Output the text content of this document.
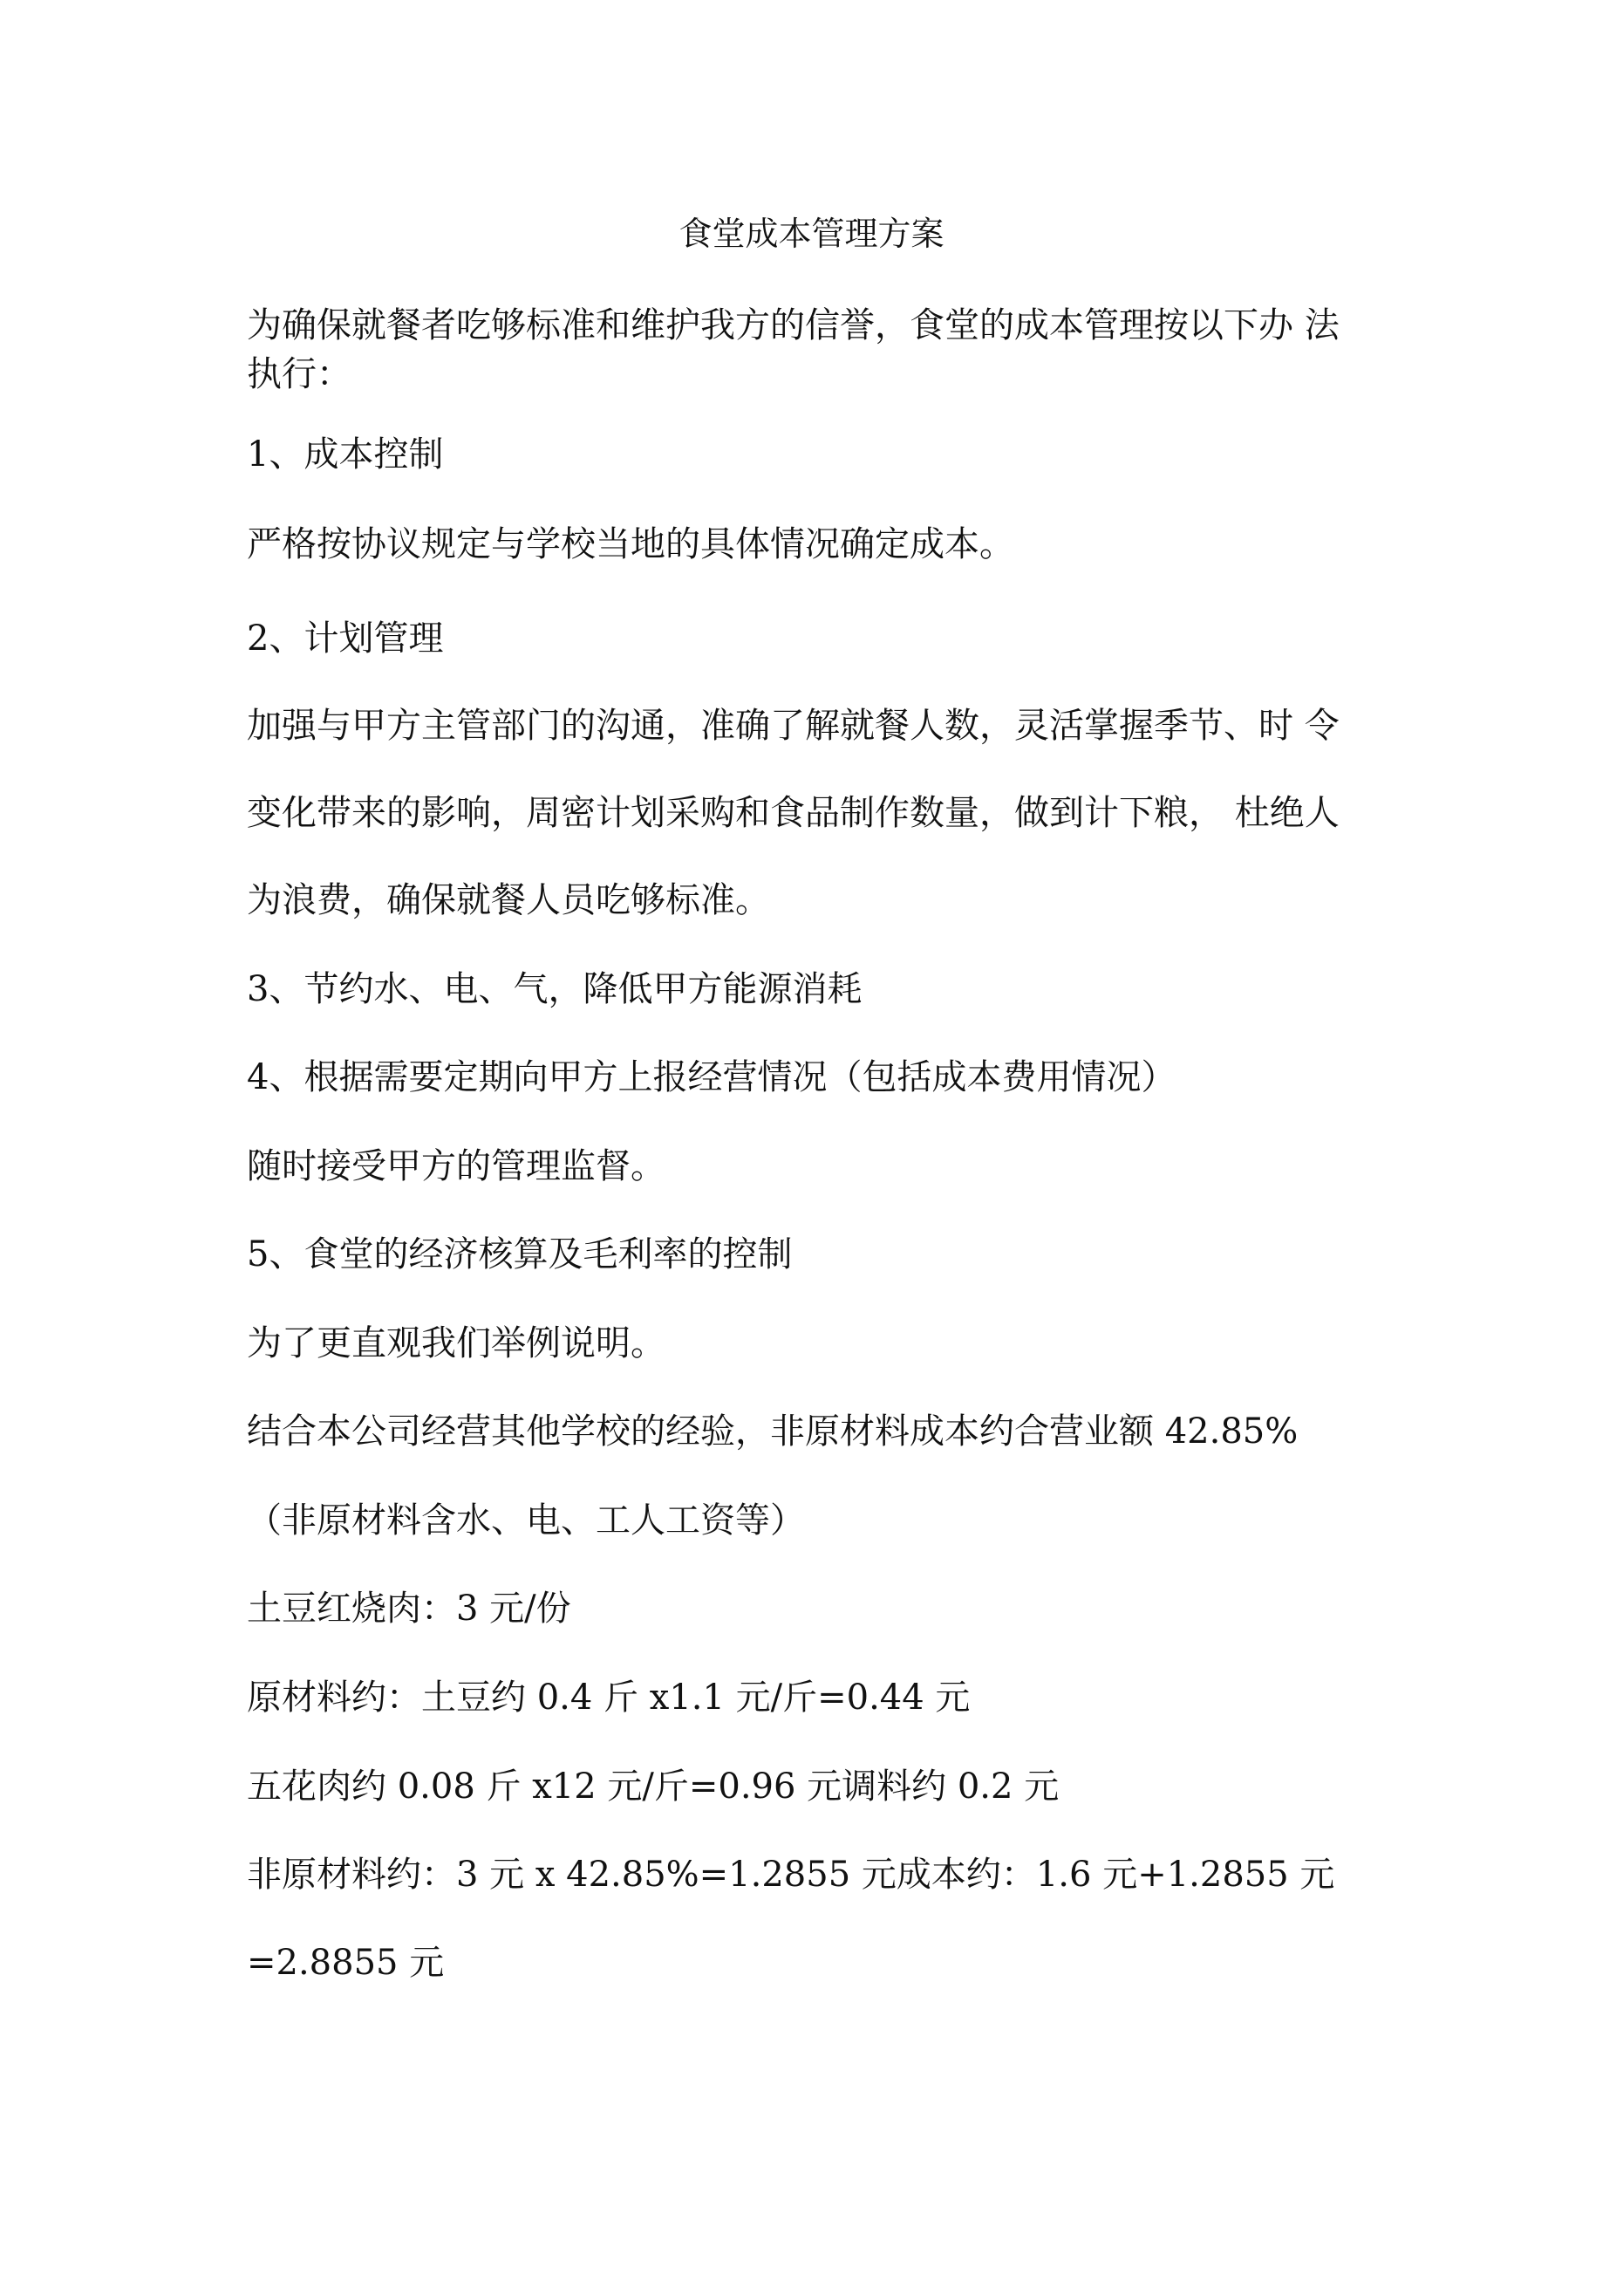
食堂成本管理方案
为确保就餐者吃够标准和维护我方的信誉，食堂的成本管理按以下办 法
执行：
1、成本控制
严格按协议规定与学校当地的具体情况确定成本。
2、计划管理
加强与甲方主管部门的沟通，准确了解就餐人数，灵活掌握季节、时 令
变化带来的影响，周密计划采购和食品制作数量，做到计下粮， 杜绝人
为浪费，确保就餐人员吃够标准。
3、节约水、电、气，降低甲方能源消耗
4、根据需要定期向甲方上报经营情况（包括成本费用情况）
随时接受甲方的管理监督。
5、食堂的经济核算及毛利率的控制
为了更直观我们举例说明。
结合本公司经营其他学校的经验，非原材料成本约合营业额 42.85%
（非原材料含水、电、工人工资等）
土豆红烧肉：3 元/份
原材料约：土豆约 0.4 斤 x1.1 元/斤=0.44 元
五花肉约 0.08 斤 x12 元/斤=0.96 元调料约 0.2 元
非原材料约：3 元 x 42.85%=1.2855 元成本约：1.6 元+1.2855 元
=2.8855 元
